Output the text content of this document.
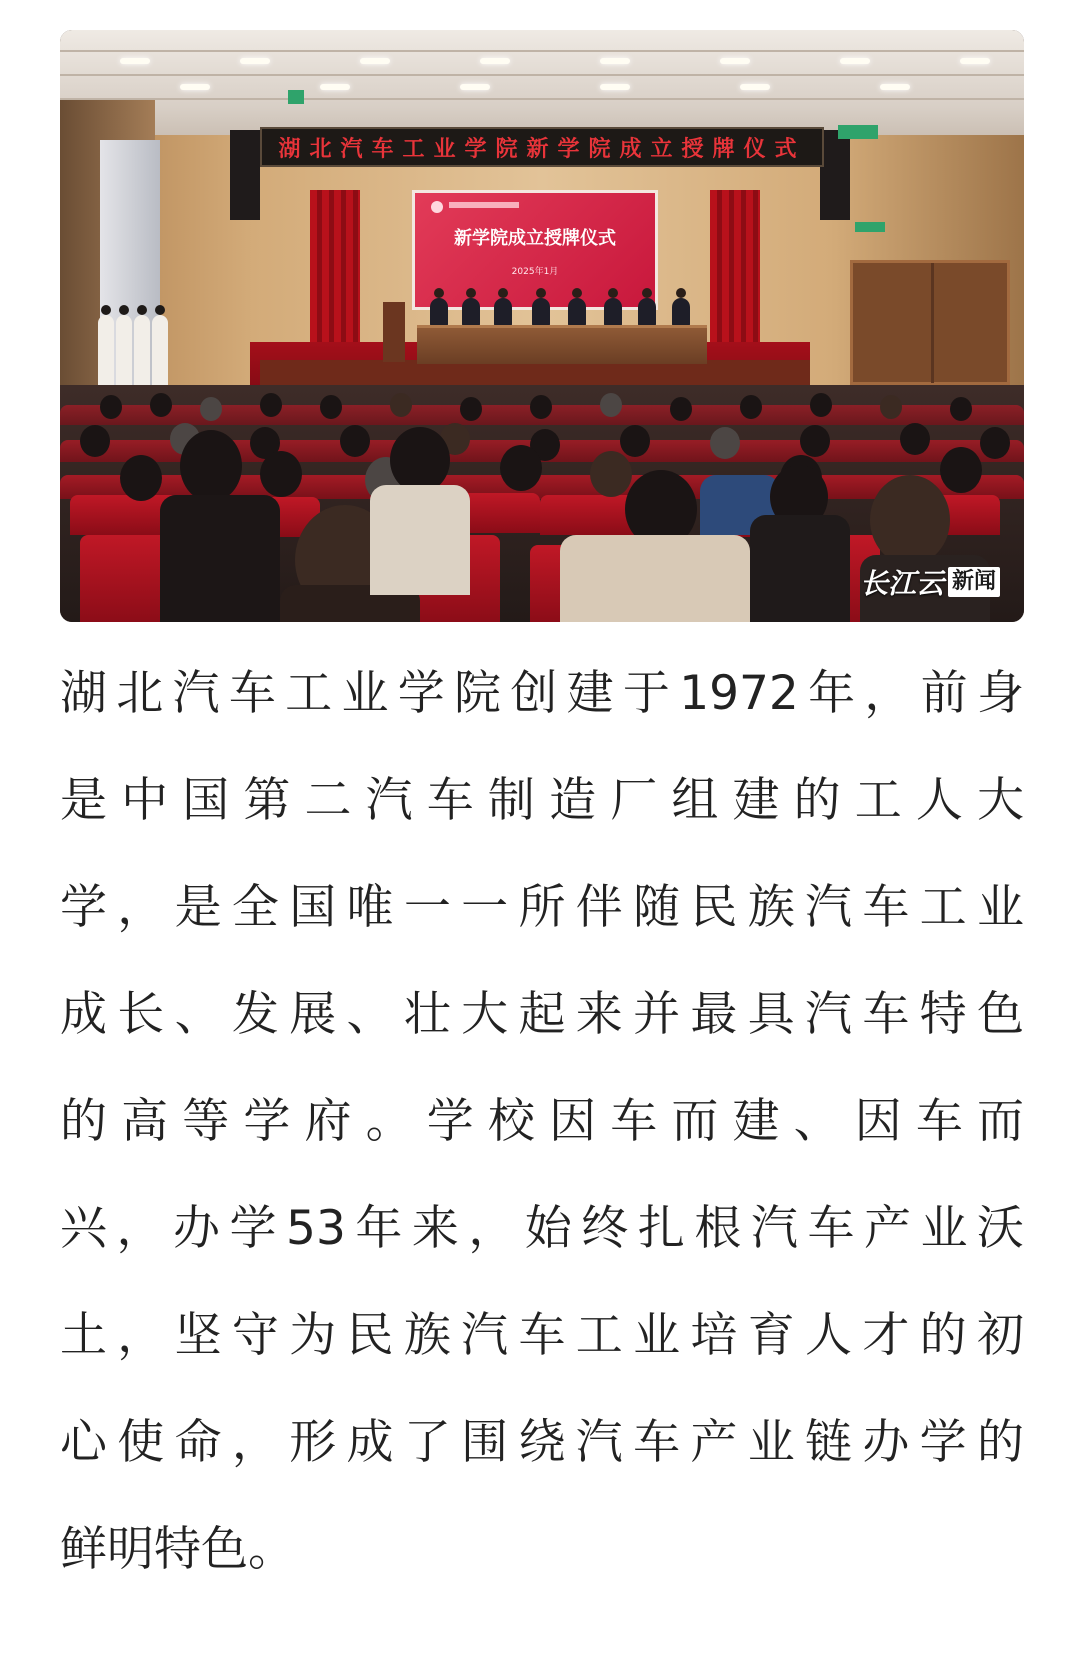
湖北汽车工业学院新学院成立授牌仪式
新学院成立授牌仪式
2025年1月
长江云 新闻

湖北汽车工业学院创建于1972年，前身
是中国第二汽车制造厂组建的工人大
学，是全国唯一一所伴随民族汽车工业
成长、发展、壮大起来并最具汽车特色
的高等学府。学校因车而建、因车而
兴，办学53年来，始终扎根汽车产业沃
土，坚守为民族汽车工业培育人才的初
心使命，形成了围绕汽车产业链办学的
鲜明特色。
